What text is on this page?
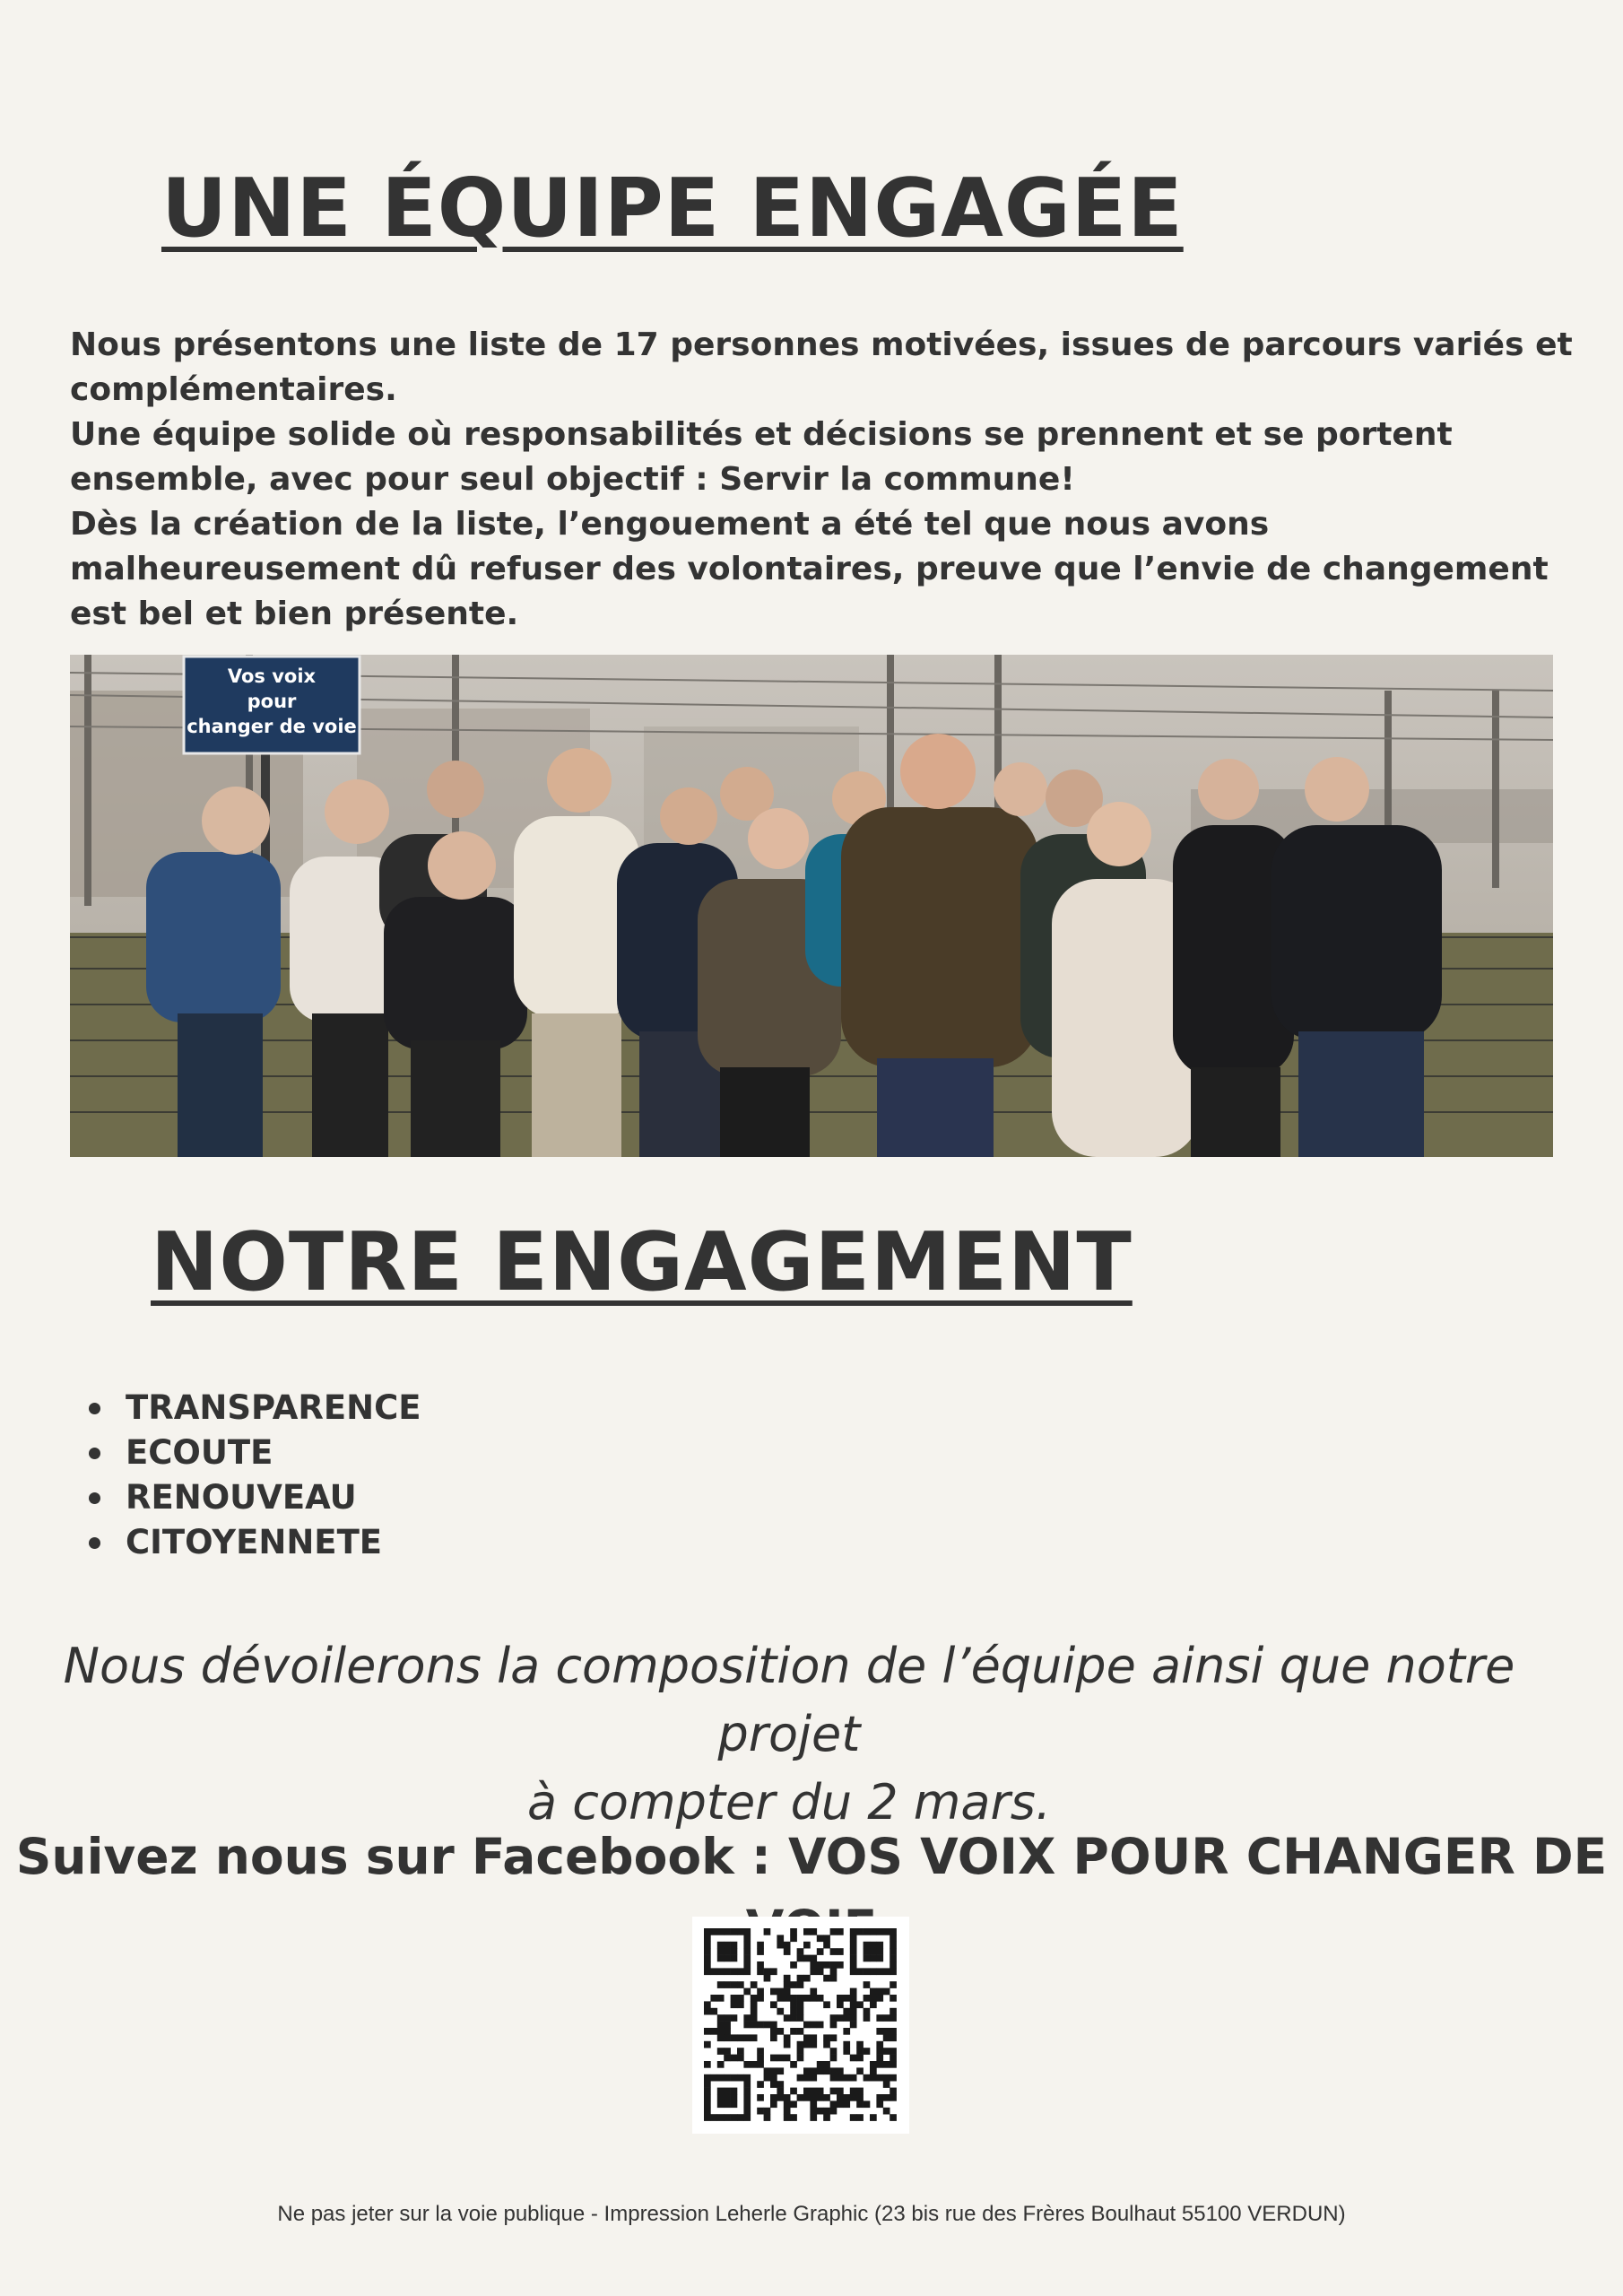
UNE ÉQUIPE ENGAGÉE

Nous présentons une liste de 17 personnes motivées, issues de parcours variés et complémentaires.

Une équipe solide où responsabilités et décisions se prennent et se portent ensemble, avec pour seul objectif : Servir la commune!

Dès la création de la liste, l’engouement a été tel que nous avons malheureusement dû refuser des volontaires, preuve que l’envie de changement est bel et bien présente.

Vos voix
pour
changer de voie
NOTRE ENGAGEMENT
TRANSPARENCE
ECOUTE
RENOUVEAU
CITOYENNETE
Nous dévoilerons la composition de l’équipe ainsi que notre projet
à compter du 2 mars.
Suivez nous sur Facebook : VOS VOIX POUR CHANGER DE
Ne pas jeter sur la voie publique - Impression Leherle Graphic (23 bis rue des Frères Boulhaut 55100 VERDUN)
